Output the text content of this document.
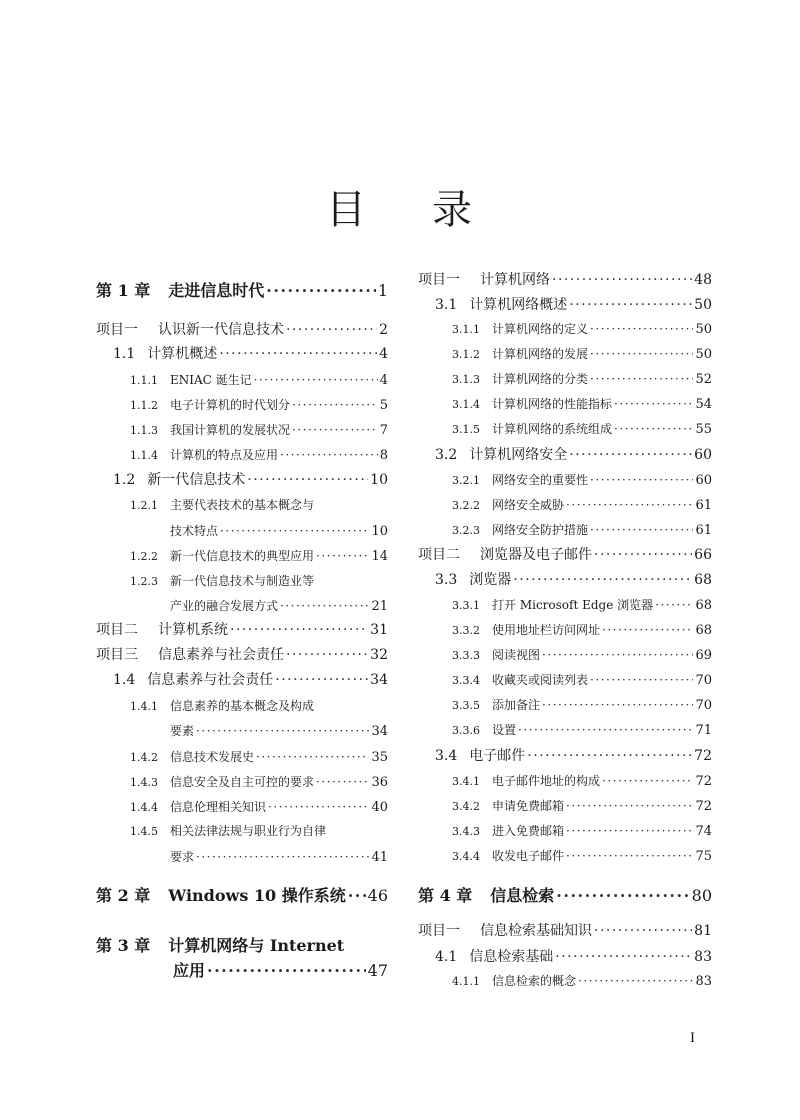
目 录
第 1 章 走进信息时代 ·····	1
项目一 认识新一代信息技术 ·····	2
1.1 计算机概述 ·····	4
1.1.1	ENIAC 诞生记 ·····	4
1.1.2	电子计算机的时代划分 ·····	5
1.1.3	我国计算机的发展状况 ·····	7
1.1.4	计算机的特点及应用 ·····	8
1.2 新一代信息技术 ·····	10
1.2.1	主要代表技术的基本概念与
技术特点 ·····	10
1.2.2	新一代信息技术的典型应用 ·····	14
1.2.3	新一代信息技术与制造业等
产业的融合发展方式 ·····	21
项目二 计算机系统 ·····	31
项目三 信息素养与社会责任 ·····	32
1.4 信息素养与社会责任 ·····	34
1.4.1	信息素养的基本概念及构成
要素 ·····	34
1.4.2	信息技术发展史 ·····	35
1.4.3	信息安全及自主可控的要求 ·····	36
1.4.4	信息伦理相关知识 ·····	40
1.4.5	相关法律法规与职业行为自律
要求 ·····	41
第 2 章 Windows 10 操作系统 ····· 46
第 3 章 计算机网络与 Internet
应用 ·····	47
项目一 计算机网络 ·····	48
3.1 计算机网络概述 ·····	50
3.1.1	计算机网络的定义 ·····	50
3.1.2	计算机网络的发展 ·····	50
3.1.3	计算机网络的分类 ·····	52
3.1.4	计算机网络的性能指标 ·····	54
3.1.5	计算机网络的系统组成 ·····	55
3.2 计算机网络安全 ·····	60
3.2.1	网络安全的重要性 ·····	60
3.2.2	网络安全威胁 ·····	61
3.2.3	网络安全防护措施 ·····	61
项目二 浏览器及电子邮件 ·····	66
3.3 浏览器 ·····	68
3.3.1	打开 Microsoft Edge 浏览器 ·····	68
3.3.2	使用地址栏访问网址 ·····	68
3.3.3	阅读视图 ·····	69
3.3.4	收藏夹或阅读列表 ·····	70
3.3.5	添加备注 ·····	70
3.3.6	设置 ·····	71
3.4 电子邮件 ·····	72
3.4.1	电子邮件地址的构成 ·····	72
3.4.2	申请免费邮箱 ·····	72
3.4.3	进入免费邮箱 ·····	74
3.4.4	收发电子邮件 ·····	75
第 4 章 信息检索 ·····	80
项目一 信息检索基础知识 ·····	81
4.1 信息检索基础 ·····	83
4.1.1	信息检索的概念 ·····	83
I
